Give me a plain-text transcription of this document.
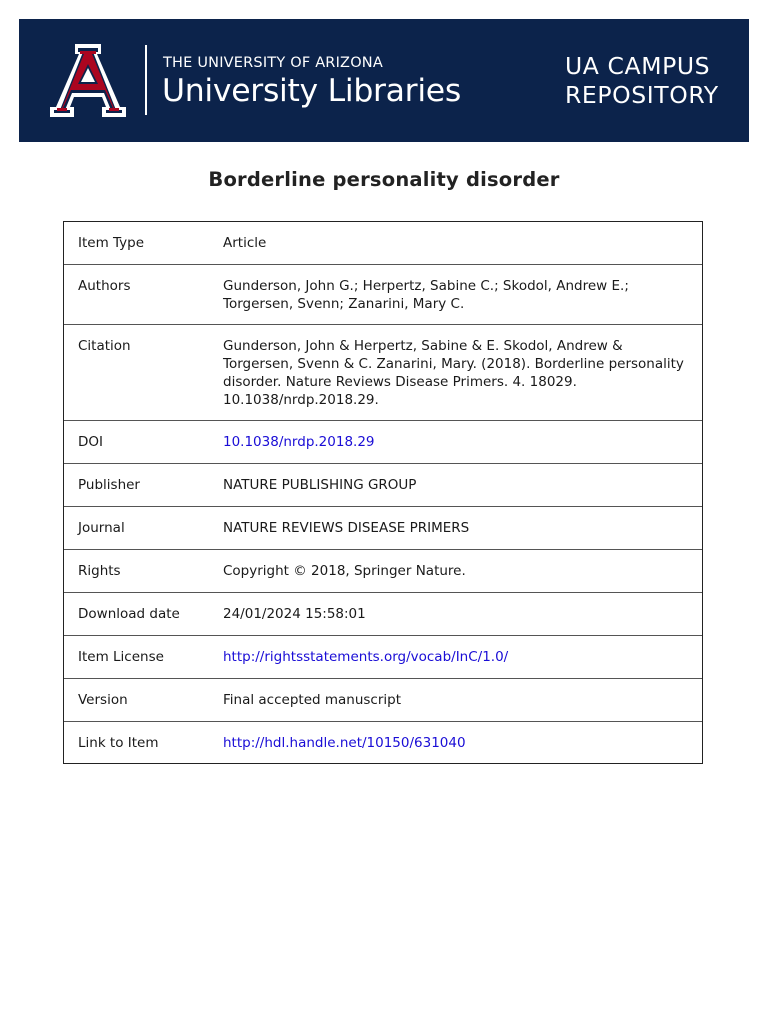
THE UNIVERSITY OF ARIZONA
University Libraries
UA CAMPUS
REPOSITORY
Borderline personality disorder
Item Type	Article
Authors	Gunderson, John G.; Herpertz, Sabine C.; Skodol, Andrew E.; Torgersen, Svenn; Zanarini, Mary C.
Citation	Gunderson, John & Herpertz, Sabine & E. Skodol, Andrew & Torgersen, Svenn & C. Zanarini, Mary. (2018). Borderline personality disorder. Nature Reviews Disease Primers. 4. 18029. 10.1038/nrdp.2018.29.
DOI	10.1038/nrdp.2018.29
Publisher	NATURE PUBLISHING GROUP
Journal	NATURE REVIEWS DISEASE PRIMERS
Rights	Copyright © 2018, Springer Nature.
Download date	24/01/2024 15:58:01
Item License	http://rightsstatements.org/vocab/InC/1.0/
Version	Final accepted manuscript
Link to Item	http://hdl.handle.net/10150/631040
